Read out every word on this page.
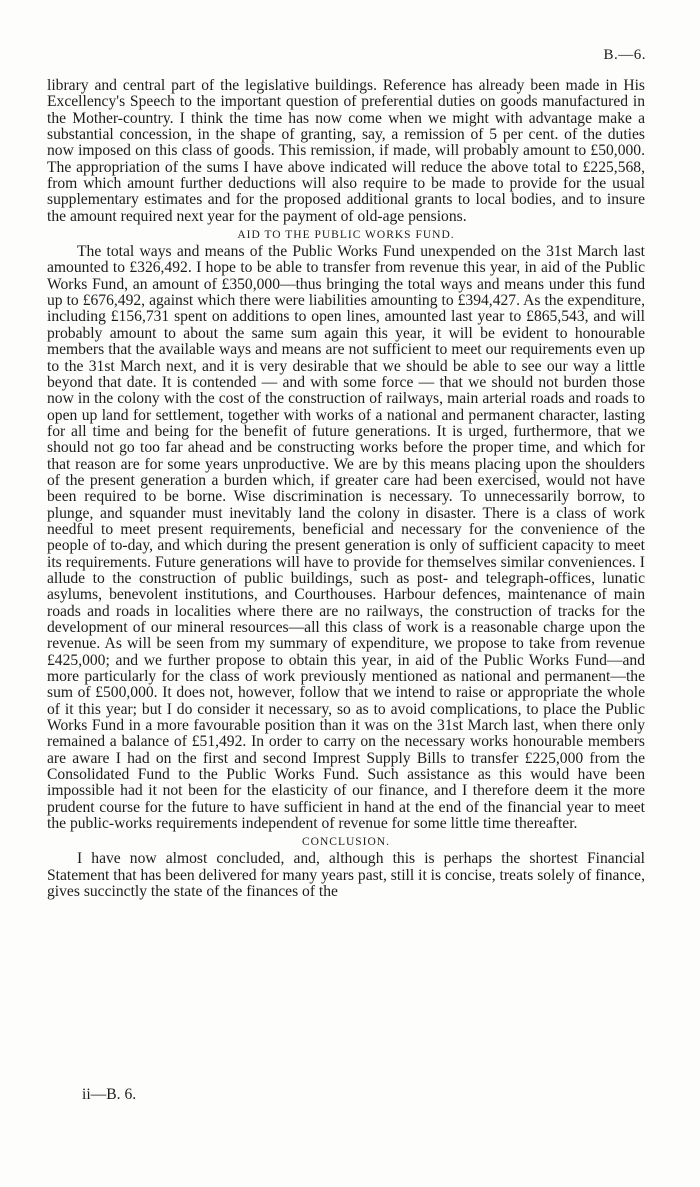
B.—6.

library and central part of the legislative buildings. Reference has already been made in His Excellency's Speech to the important question of preferential duties on goods manufactured in the Mother-country. I think the time has now come when we might with advantage make a substantial concession, in the shape of granting, say, a remission of 5 per cent. of the duties now imposed on this class of goods. This remission, if made, will probably amount to £50,000. The appropriation of the sums I have above indicated will reduce the above total to £225,568, from which amount further deductions will also require to be made to provide for the usual supplementary estimates and for the proposed additional grants to local bodies, and to insure the amount required next year for the payment of old-age pensions.

AID TO THE PUBLIC WORKS FUND.

The total ways and means of the Public Works Fund unexpended on the 31st March last amounted to £326,492. I hope to be able to transfer from revenue this year, in aid of the Public Works Fund, an amount of £350,000—thus bringing the total ways and means under this fund up to £676,492, against which there were liabilities amounting to £394,427. As the expenditure, including £156,731 spent on additions to open lines, amounted last year to £865,543, and will probably amount to about the same sum again this year, it will be evident to honourable members that the available ways and means are not sufficient to meet our requirements even up to the 31st March next, and it is very desirable that we should be able to see our way a little beyond that date. It is contended — and with some force — that we should not burden those now in the colony with the cost of the construction of railways, main arterial roads and roads to open up land for settlement, together with works of a national and permanent character, lasting for all time and being for the benefit of future generations. It is urged, furthermore, that we should not go too far ahead and be constructing works before the proper time, and which for that reason are for some years unproductive. We are by this means placing upon the shoulders of the present generation a burden which, if greater care had been exercised, would not have been required to be borne. Wise discrimination is necessary. To unnecessarily borrow, to plunge, and squander must inevitably land the colony in disaster. There is a class of work needful to meet present requirements, beneficial and necessary for the convenience of the people of to-day, and which during the present generation is only of sufficient capacity to meet its requirements. Future generations will have to provide for themselves similar conveniences. I allude to the construction of public buildings, such as post- and telegraph-offices, lunatic asylums, benevolent institutions, and Courthouses. Harbour defences, maintenance of main roads and roads in localities where there are no railways, the construction of tracks for the development of our mineral resources—all this class of work is a reasonable charge upon the revenue. As will be seen from my summary of expenditure, we propose to take from revenue £425,000; and we further propose to obtain this year, in aid of the Public Works Fund—and more particularly for the class of work previously mentioned as national and permanent—the sum of £500,000. It does not, however, follow that we intend to raise or appropriate the whole of it this year; but I do consider it necessary, so as to avoid complications, to place the Public Works Fund in a more favourable position than it was on the 31st March last, when there only remained a balance of £51,492. In order to carry on the necessary works honourable members are aware I had on the first and second Imprest Supply Bills to transfer £225,000 from the Consolidated Fund to the Public Works Fund. Such assistance as this would have been impossible had it not been for the elasticity of our finance, and I therefore deem it the more prudent course for the future to have sufficient in hand at the end of the financial year to meet the public-works requirements independent of revenue for some little time thereafter.

CONCLUSION.

I have now almost concluded, and, although this is perhaps the shortest Financial Statement that has been delivered for many years past, still it is concise, treats solely of finance, gives succinctly the state of the finances of the

ii—B. 6.
